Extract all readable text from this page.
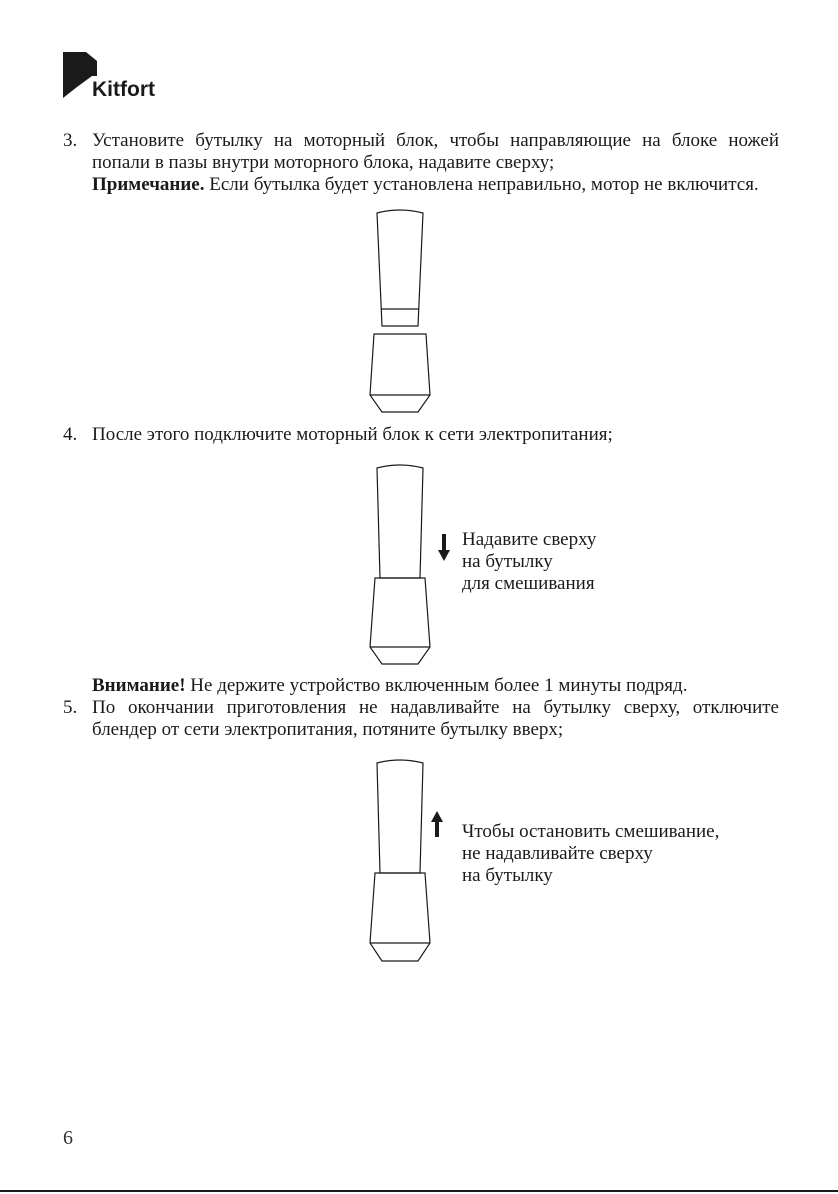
Kitfort
3. Установите бутылку на моторный блок, чтобы направляющие на блоке ножей попали в пазы внутри моторного блока, надавите сверху;

Примечание. Если бутылка будет установлена неправильно, мотор не включится.

4. После этого подключите моторный блок к сети электропитания;

Надавите сверху
на бутылку
для смешивания

Внимание! Не держите устройство включенным более 1 минуты подряд.

5. По окончании приготовления не надавливайте на бутылку сверху, отключите блендер от сети электропитания, потяните бутылку вверх;

Чтобы остановить смешивание,
не надавливайте сверху
на бутылку
6
